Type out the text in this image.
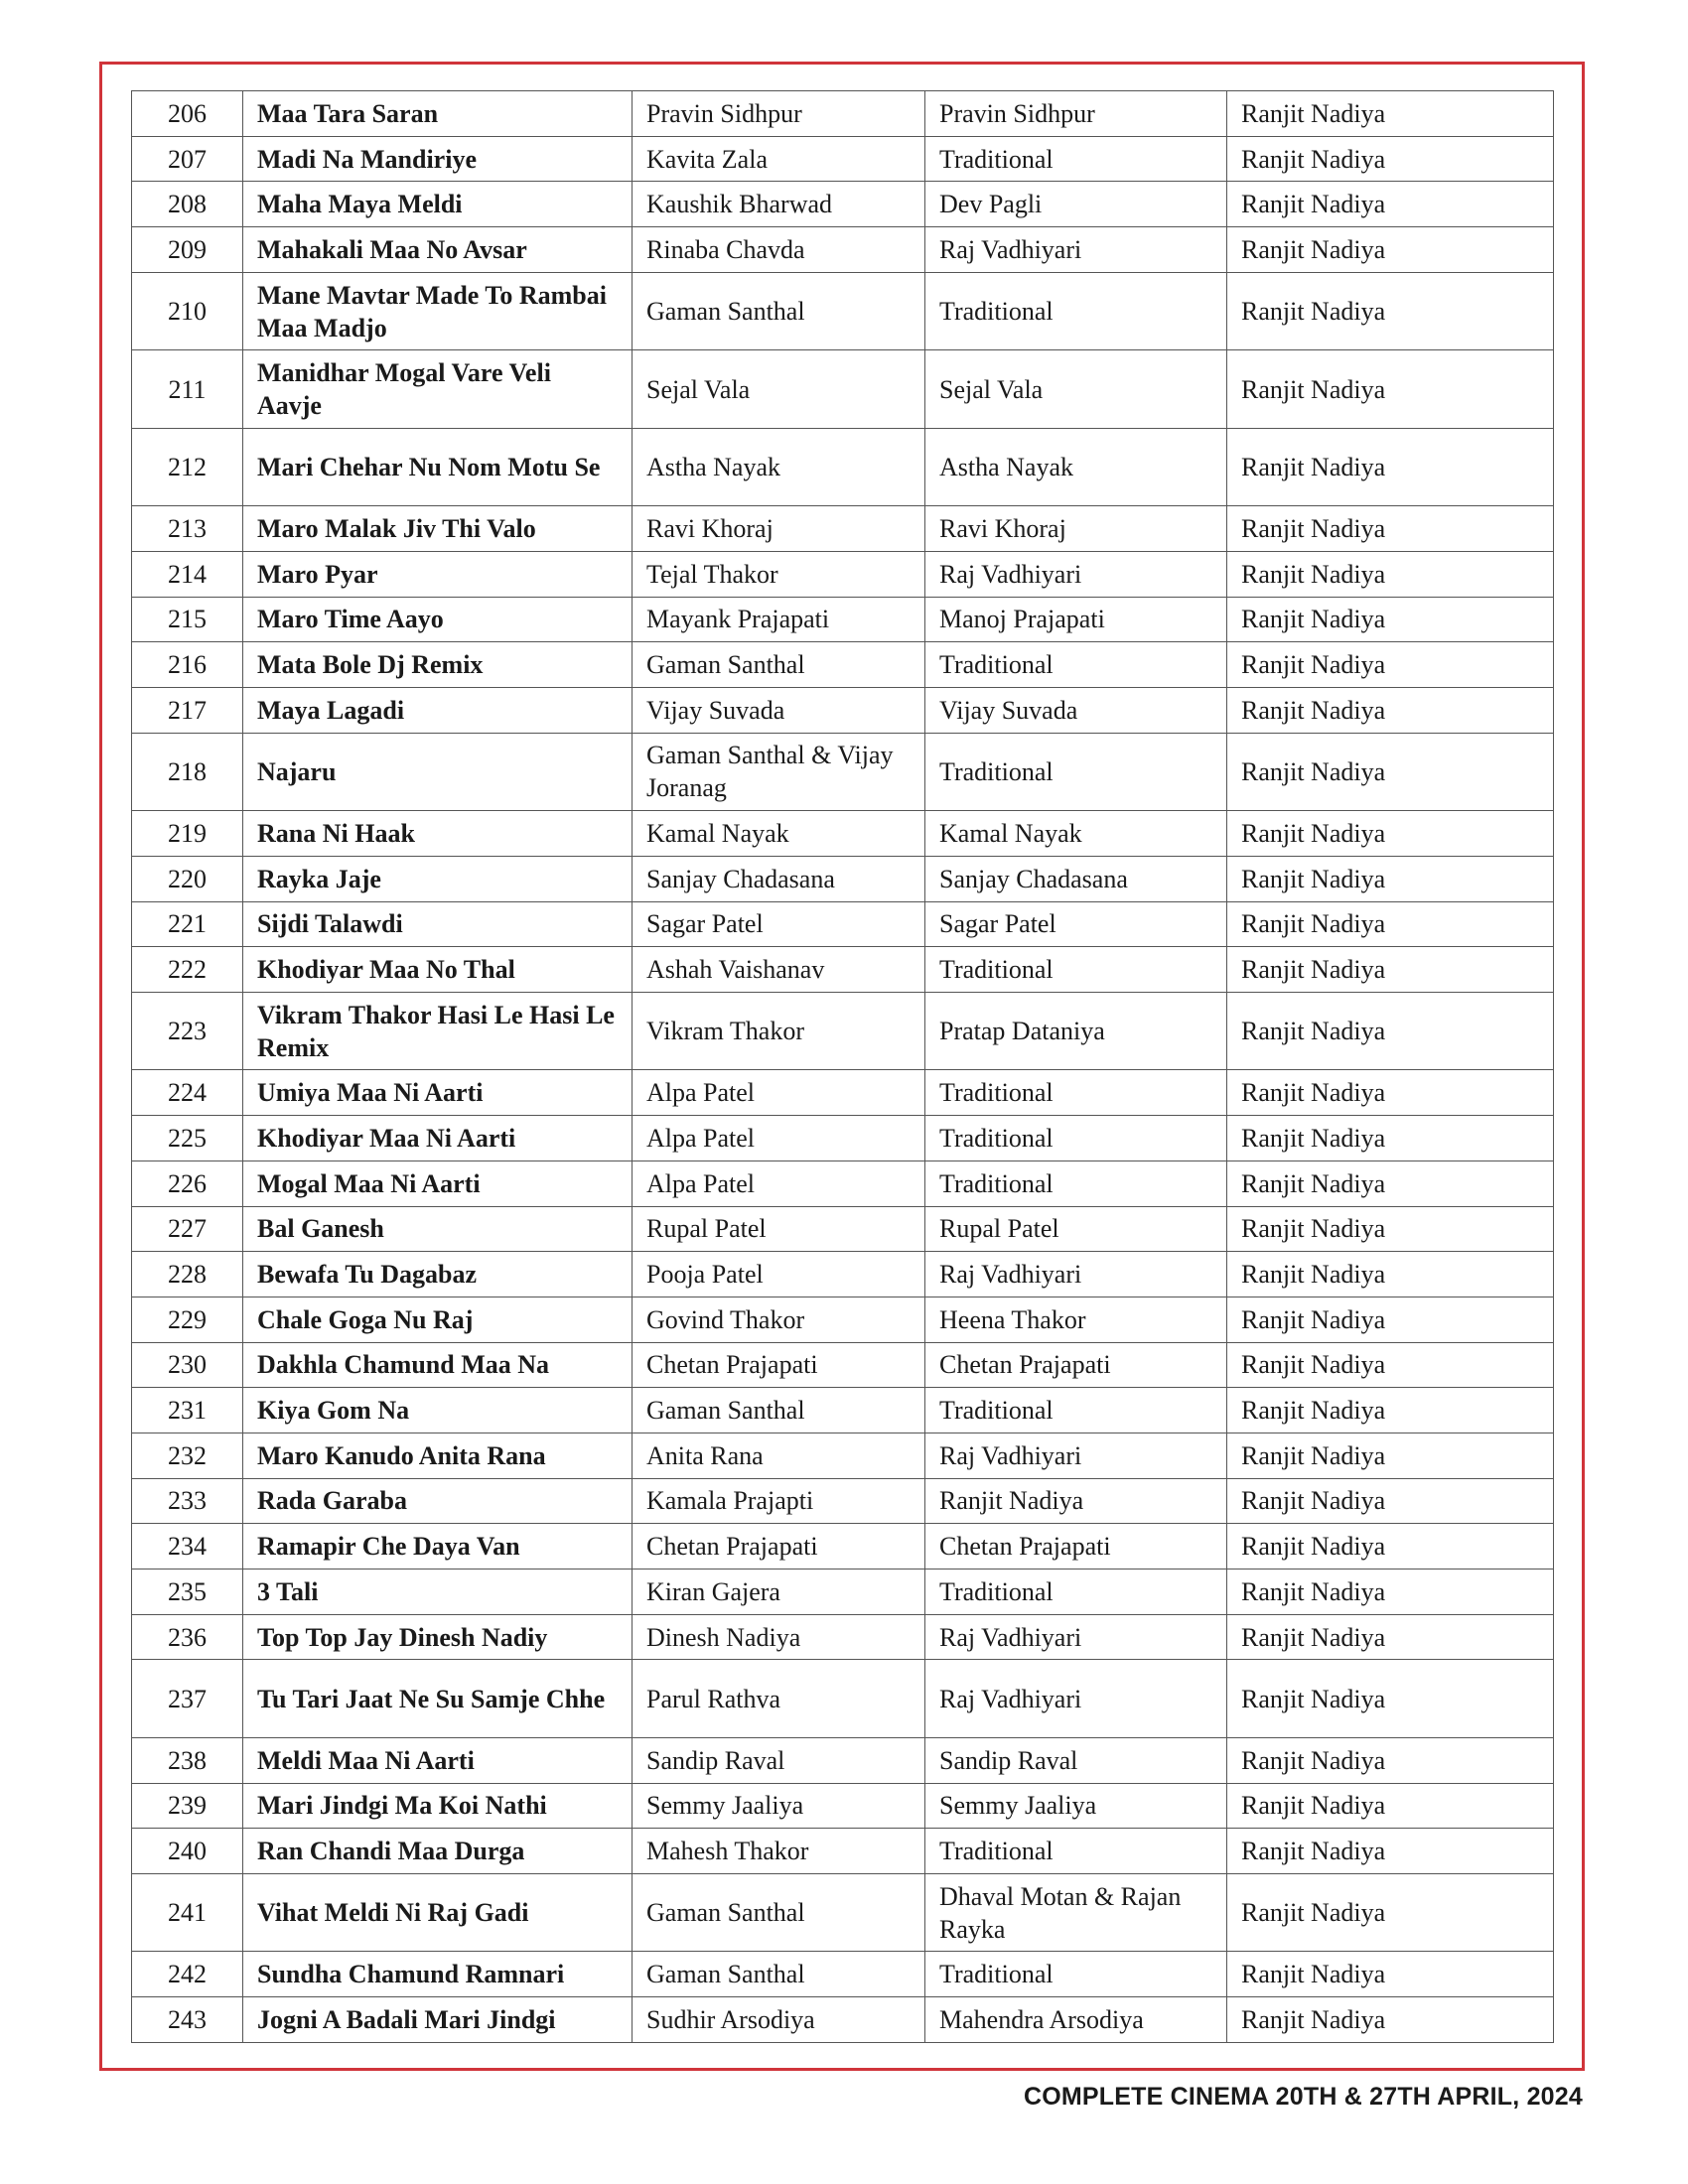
206	Maa Tara Saran	Pravin Sidhpur	Pravin Sidhpur	Ranjit Nadiya
207	Madi Na Mandiriye	Kavita Zala	Traditional	Ranjit Nadiya
208	Maha Maya Meldi	Kaushik Bharwad	Dev Pagli	Ranjit Nadiya
209	Mahakali Maa No Avsar	Rinaba Chavda	Raj Vadhiyari	Ranjit Nadiya
210	Mane Mavtar Made To Rambai Maa Madjo	Gaman Santhal	Traditional	Ranjit Nadiya
211	Manidhar Mogal Vare Veli Aavje	Sejal Vala	Sejal Vala	Ranjit Nadiya
212	Mari Chehar Nu Nom Motu Se	Astha Nayak	Astha Nayak	Ranjit Nadiya
213	Maro Malak Jiv Thi Valo	Ravi Khoraj	Ravi Khoraj	Ranjit Nadiya
214	Maro Pyar	Tejal Thakor	Raj Vadhiyari	Ranjit Nadiya
215	Maro Time Aayo	Mayank Prajapati	Manoj Prajapati	Ranjit Nadiya
216	Mata Bole Dj Remix	Gaman Santhal	Traditional	Ranjit Nadiya
217	Maya Lagadi	Vijay Suvada	Vijay Suvada	Ranjit Nadiya
218	Najaru	Gaman Santhal & Vijay Joranag	Traditional	Ranjit Nadiya
219	Rana Ni Haak	Kamal Nayak	Kamal Nayak	Ranjit Nadiya
220	Rayka Jaje	Sanjay Chadasana	Sanjay Chadasana	Ranjit Nadiya
221	Sijdi Talawdi	Sagar Patel	Sagar Patel	Ranjit Nadiya
222	Khodiyar Maa No Thal	Ashah Vaishanav	Traditional	Ranjit Nadiya
223	Vikram Thakor Hasi Le Hasi Le Remix	Vikram Thakor	Pratap Dataniya	Ranjit Nadiya
224	Umiya Maa Ni Aarti	Alpa Patel	Traditional	Ranjit Nadiya
225	Khodiyar Maa Ni Aarti	Alpa Patel	Traditional	Ranjit Nadiya
226	Mogal Maa Ni Aarti	Alpa Patel	Traditional	Ranjit Nadiya
227	Bal Ganesh	Rupal Patel	Rupal Patel	Ranjit Nadiya
228	Bewafa Tu Dagabaz	Pooja Patel	Raj Vadhiyari	Ranjit Nadiya
229	Chale Goga Nu Raj	Govind Thakor	Heena Thakor	Ranjit Nadiya
230	Dakhla Chamund Maa Na	Chetan Prajapati	Chetan Prajapati	Ranjit Nadiya
231	Kiya Gom Na	Gaman Santhal	Traditional	Ranjit Nadiya
232	Maro Kanudo Anita Rana	Anita Rana	Raj Vadhiyari	Ranjit Nadiya
233	Rada Garaba	Kamala Prajapti	Ranjit Nadiya	Ranjit Nadiya
234	Ramapir Che Daya Van	Chetan Prajapati	Chetan Prajapati	Ranjit Nadiya
235	3 Tali	Kiran Gajera	Traditional	Ranjit Nadiya
236	Top Top Jay Dinesh Nadiy	Dinesh Nadiya	Raj Vadhiyari	Ranjit Nadiya
237	Tu Tari Jaat Ne Su Samje Chhe	Parul Rathva	Raj Vadhiyari	Ranjit Nadiya
238	Meldi Maa Ni Aarti	Sandip Raval	Sandip Raval	Ranjit Nadiya
239	Mari Jindgi Ma Koi Nathi	Semmy Jaaliya	Semmy Jaaliya	Ranjit Nadiya
240	Ran Chandi Maa Durga	Mahesh Thakor	Traditional	Ranjit Nadiya
241	Vihat Meldi Ni Raj Gadi	Gaman Santhal	Dhaval Motan & Rajan Rayka	Ranjit Nadiya
242	Sundha Chamund Ramnari	Gaman Santhal	Traditional	Ranjit Nadiya
243	Jogni A Badali Mari Jindgi	Sudhir Arsodiya	Mahendra Arsodiya	Ranjit Nadiya
COMPLETE CINEMA 20TH & 27TH APRIL, 2024
